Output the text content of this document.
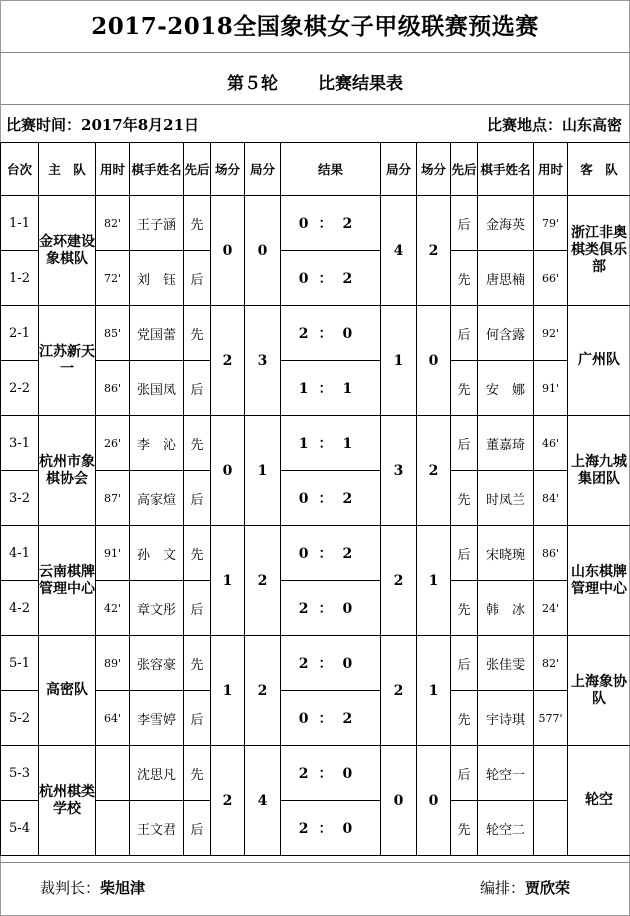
2017-2018全国象棋女子甲级联赛预选赛
第５轮 比赛结果表
比赛时间：2017年8月21日	比赛地点：山东高密
台次	主　队	用时	棋手姓名	先后	场分	局分	结果	局分	场分	先后	棋手姓名	用时	客　队
1-1	金环建设象棋队	82'	王子涵	先	0	0	0：2	4	2	后	金海英	79'	浙江非奥棋类俱乐部
1-2		72'	刘　钰	后			0：2			先	唐思楠	66'	
2-1	江苏新天一	85'	党国蕾	先	2	3	2：0	1	0	后	何含露	92'	广州队
2-2		86'	张国凤	后			1：1			先	安　娜	91'	
3-1	杭州市象棋协会	26'	李　沁	先	0	1	1：1	3	2	后	董嘉琦	46'	上海九城集团队
3-2		87'	高家煊	后			0：2			先	时凤兰	84'	
4-1	云南棋牌管理中心	91'	孙　文	先	1	2	0：2	2	1	后	宋晓琬	86'	山东棋牌管理中心
4-2		42'	章文彤	后			2：0			先	韩　冰	24'	
5-1	高密队	89'	张容豪	先	1	2	2：0	2	1	后	张佳雯	82'	上海象协队
5-2		64'	李雪婷	后			0：2			先	宇诗琪	577'	
5-3	杭州棋类学校		沈思凡	先	2	4	2：0	0	0	后	轮空一		轮空
5-4			王文君	后			2：0			先	轮空二		
裁判长：柴旭津	编排：贾欣荣
